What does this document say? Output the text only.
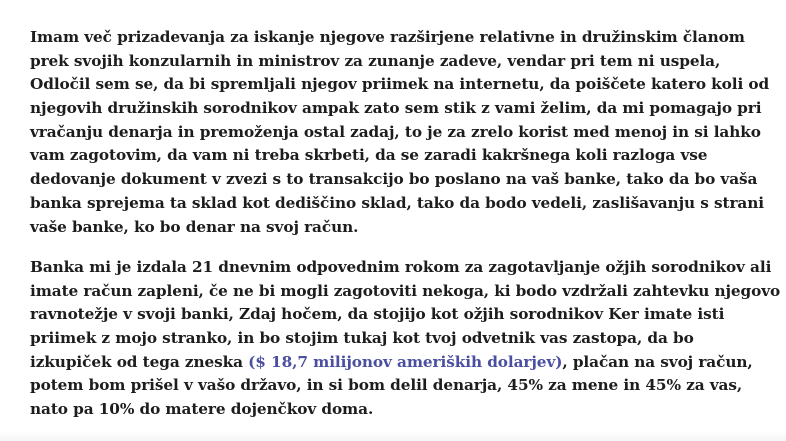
Imam več prizadevanja za iskanje njegove razširjene relativne in družinskim članom
prek svojih konzularnih in ministrov za zunanje zadeve, vendar pri tem ni uspela,
Odločil sem se, da bi spremljali njegov priimek na internetu, da poiščete katero koli od
njegovih družinskih sorodnikov ampak zato sem stik z vami želim, da mi pomagajo pri
vračanju denarja in premoženja ostal zadaj, to je za zrelo korist med menoj in si lahko
vam zagotovim, da vam ni treba skrbeti, da se zaradi kakršnega koli razloga vse
dedovanje dokument v zvezi s to transakcijo bo poslano na vaš banke, tako da bo vaša
banka sprejema ta sklad kot dediščino sklad, tako da bodo vedeli, zaslišavanju s strani
vaše banke, ko bo denar na svoj račun.
Banka mi je izdala 21 dnevnim odpovednim rokom za zagotavljanje ožjih sorodnikov ali
imate račun zapleni, če ne bi mogli zagotoviti nekoga, ki bodo vzdržali zahtevku njegovo
ravnotežje v svoji banki, Zdaj hočem, da stojijo kot ožjih sorodnikov Ker imate isti
priimek z mojo stranko, in bo stojim tukaj kot tvoj odvetnik vas zastopa, da bo
izkupiček od tega zneska ($ 18,7 milijonov ameriških dolarjev), plačan na svoj račun,
potem bom prišel v vašo državo, in si bom delil denarja, 45% za mene in 45% za vas,
nato pa 10% do matere dojenčkov doma.
